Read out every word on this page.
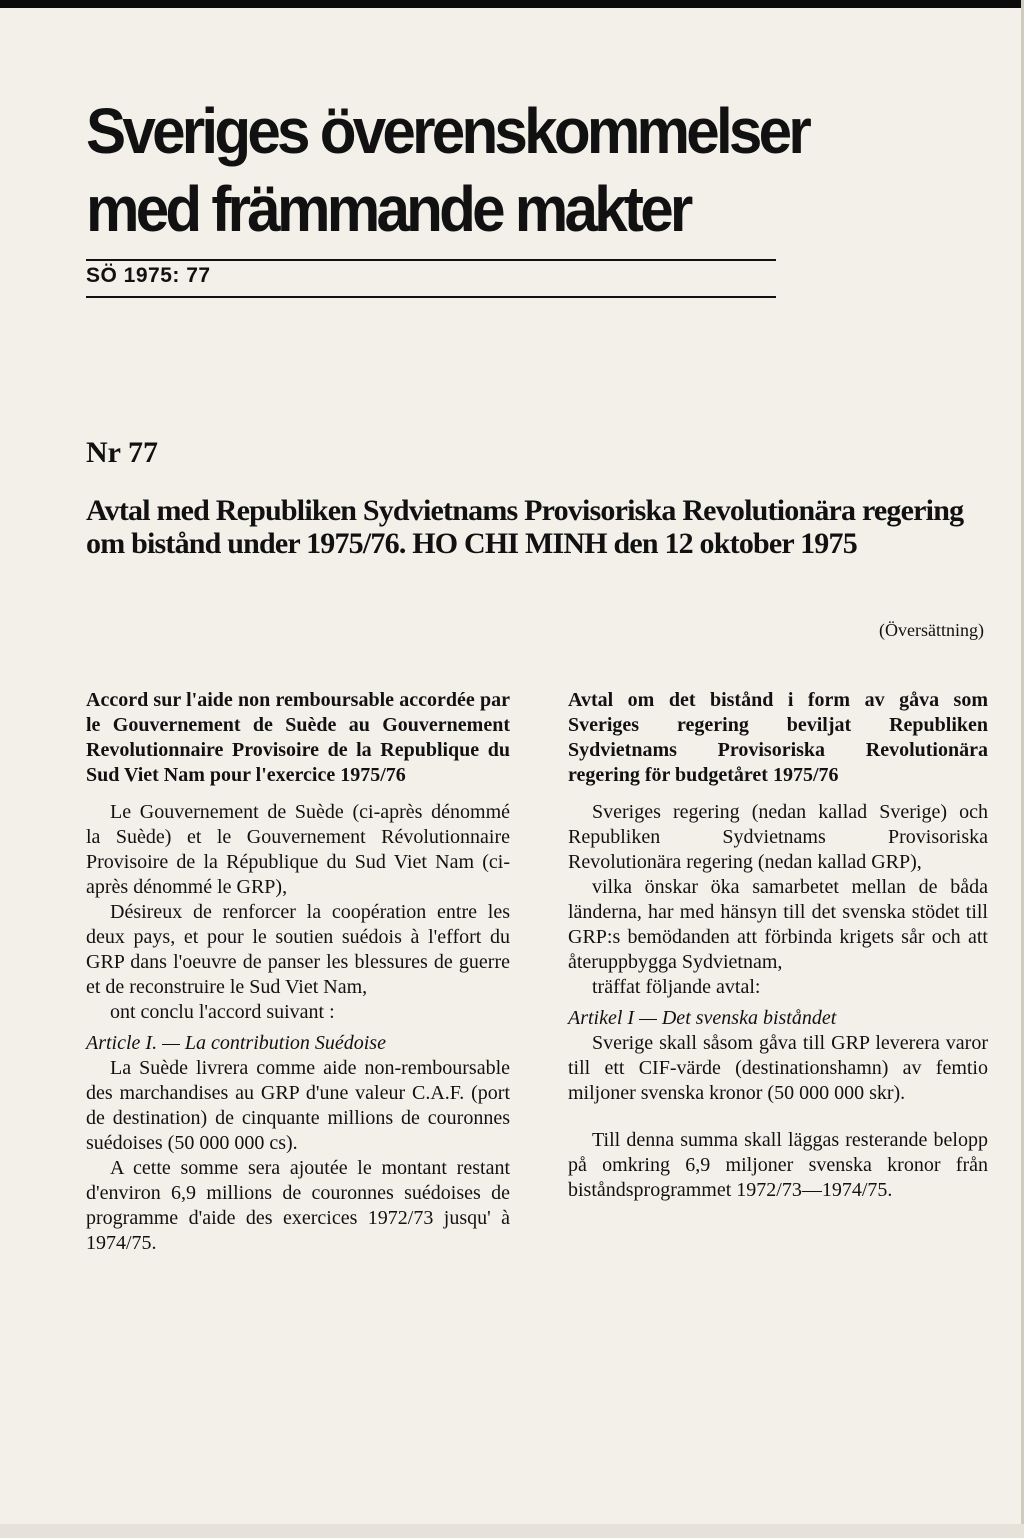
Sveriges överenskommelser
med främmande makter
SÖ 1975: 77
Nr 77
Avtal med Republiken Sydvietnams Provisoriska Revolutionära regering om bistånd under 1975/76. HO CHI MINH den 12 oktober 1975
(Översättning)
Accord sur l'aide non remboursable accordée par le Gouvernement de Suède au Gouvernement Revolutionnaire Provisoire de la Republique du Sud Viet Nam pour l'exercice 1975/76

Le Gouvernement de Suède (ci-après dénommé la Suède) et le Gouvernement Révolutionnaire Provisoire de la République du Sud Viet Nam (ci-après dénommé le GRP),

Désireux de renforcer la coopération entre les deux pays, et pour le soutien suédois à l'effort du GRP dans l'oeuvre de panser les blessures de guerre et de reconstruire le Sud Viet Nam,

ont conclu l'accord suivant :

Article I. — La contribution Suédoise

La Suède livrera comme aide non-remboursable des marchandises au GRP d'une valeur C.A.F. (port de destination) de cinquante millions de couronnes suédoises (50 000 000 cs).

A cette somme sera ajoutée le montant restant d'environ 6,9 millions de couronnes suédoises de programme d'aide des exercices 1972/73 jusqu' à 1974/75.

Avtal om det bistånd i form av gåva som Sveriges regering beviljat Republiken Sydvietnams Provisoriska Revolutionära regering för budgetåret 1975/76

Sveriges regering (nedan kallad Sverige) och Republiken Sydvietnams Provisoriska Revolutionära regering (nedan kallad GRP),

vilka önskar öka samarbetet mellan de båda länderna, har med hänsyn till det svenska stödet till GRP:s bemödanden att förbinda krigets sår och att återuppbygga Sydvietnam,

träffat följande avtal:

Artikel I — Det svenska biståndet

Sverige skall såsom gåva till GRP leverera varor till ett CIF-värde (destinationshamn) av femtio miljoner svenska kronor (50 000 000 skr).

Till denna summa skall läggas resterande belopp på omkring 6,9 miljoner svenska kronor från biståndsprogrammet 1972/73—1974/75.
